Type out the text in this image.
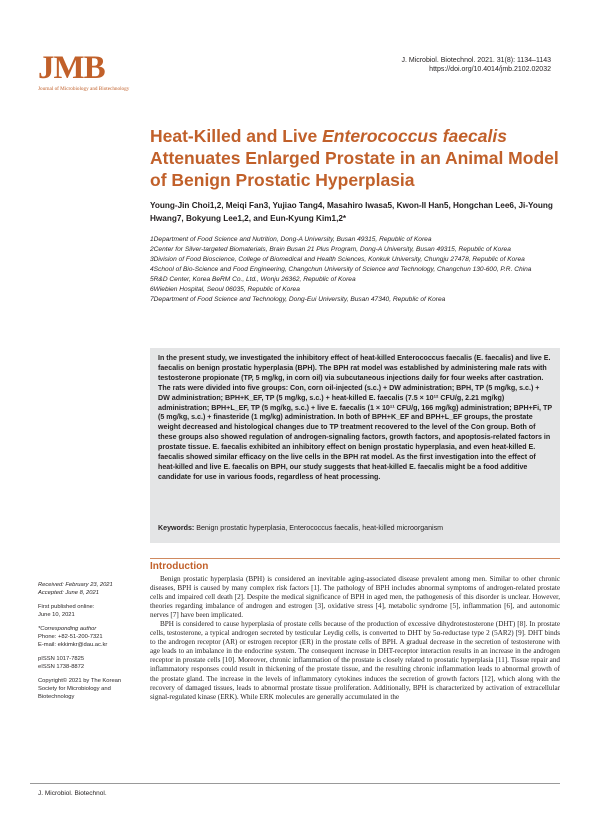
JMB
Journal of Microbiology and Biotechnology
J. Microbiol. Biotechnol. 2021. 31(8): 1134–1143
https://doi.org/10.4014/jmb.2102.02032
Heat-Killed and Live Enterococcus faecalis Attenuates Enlarged Prostate in an Animal Model of Benign Prostatic Hyperplasia
Young-Jin Choi1,2, Meiqi Fan3, Yujiao Tang4, Masahiro Iwasa5, Kwon-Il Han5, Hongchan Lee6, Ji-Young Hwang7, Bokyung Lee1,2, and Eun-Kyung Kim1,2*
1Department of Food Science and Nutrition, Dong-A University, Busan 49315, Republic of Korea
2Center for Silver-targeted Biomaterials, Brain Busan 21 Plus Program, Dong-A University, Busan 49315, Republic of Korea
3Division of Food Bioscience, College of Biomedical and Health Sciences, Konkuk University, Chungju 27478, Republic of Korea
4School of Bio-Science and Food Engineering, Changchun University of Science and Technology, Changchun 130-600, P.R. China
5R&D Center, Korea BeRM Co., Ltd., Wonju 26362, Republic of Korea
6Wiebien Hospital, Seoul 06035, Republic of Korea
7Department of Food Science and Technology, Dong-Eui University, Busan 47340, Republic of Korea
In the present study, we investigated the inhibitory effect of heat-killed Enterococcus faecalis (E. faecalis) and live E. faecalis on benign prostatic hyperplasia (BPH). The BPH rat model was established by administering male rats with testosterone propionate (TP, 5 mg/kg, in corn oil) via subcutaneous injections daily for four weeks after castration. The rats were divided into five groups: Con, corn oil-injected (s.c.) + DW administration; BPH, TP (5 mg/kg, s.c.) + DW administration; BPH+K_EF, TP (5 mg/kg, s.c.) + heat-killed E. faecalis (7.5 × 10¹² CFU/g, 2.21 mg/kg) administration; BPH+L_EF, TP (5 mg/kg, s.c.) + live E. faecalis (1 × 10¹¹ CFU/g, 166 mg/kg) administration; BPH+Fi, TP (5 mg/kg, s.c.) + finasteride (1 mg/kg) administration. In both of BPH+K_EF and BPH+L_EF groups, the prostate weight decreased and histological changes due to TP treatment recovered to the level of the Con group. Both of these groups also showed regulation of androgen-signaling factors, growth factors, and apoptosis-related factors in prostate tissue. E. faecalis exhibited an inhibitory effect on benign prostatic hyperplasia, and even heat-killed E. faecalis showed similar efficacy on the live cells in the BPH rat model. As the first investigation into the effect of heat-killed and live E. faecalis on BPH, our study suggests that heat-killed E. faecalis might be a food additive candidate for use in various foods, regardless of heat processing.
Keywords: Benign prostatic hyperplasia, Enterococcus faecalis, heat-killed microorganism
Introduction

Benign prostatic hyperplasia (BPH) is considered an inevitable aging-associated disease prevalent among men. Similar to other chronic diseases, BPH is caused by many complex risk factors [1]. The pathology of BPH includes abnormal symptoms of androgen-related prostate cells and impaired cell death [2]. Despite the medical significance of BPH in aged men, the pathogenesis of this disorder is unclear. However, theories regarding imbalance of androgen and estrogen [3], oxidative stress [4], metabolic syndrome [5], inflammation [6], and autonomic nerves [7] have been implicated.

BPH is considered to cause hyperplasia of prostate cells because of the production of excessive dihydrotestosterone (DHT) [8]. In prostate cells, testosterone, a typical androgen secreted by testicular Leydig cells, is converted to DHT by 5α-reductase type 2 (5AR2) [9]. DHT binds to the androgen receptor (AR) or estrogen receptor (ER) in the prostate cells of BPH. A gradual decrease in the secretion of testosterone with age leads to an imbalance in the endocrine system. The consequent increase in DHT-receptor interaction results in an increase in the androgen receptor in prostate cells [10]. Moreover, chronic inflammation of the prostate is closely related to prostatic hyperplasia [11]. Tissue repair and inflammatory responses could result in thickening of the prostate tissue, and the resulting chronic inflammation leads to abnormal growth of the prostate gland. The increase in the levels of inflammatory cytokines induces the secretion of growth factors [12], which along with the recovery of damaged tissues, leads to abnormal prostate tissue proliferation. Additionally, BPH is characterized by activation of extracellular signal-regulated kinase (ERK). While ERK molecules are generally accumulated in the

Received: February 23, 2021
Accepted: June 8, 2021
First published online:
June 10, 2021
*Corresponding author
Phone: +82-51-200-7321
E-mail: ekkimkr@dau.ac.kr
pISSN 1017-7825
eISSN 1738-8872
Copyright© 2021 by The Korean Society for Microbiology and Biotechnology
J. Microbiol. Biotechnol.
